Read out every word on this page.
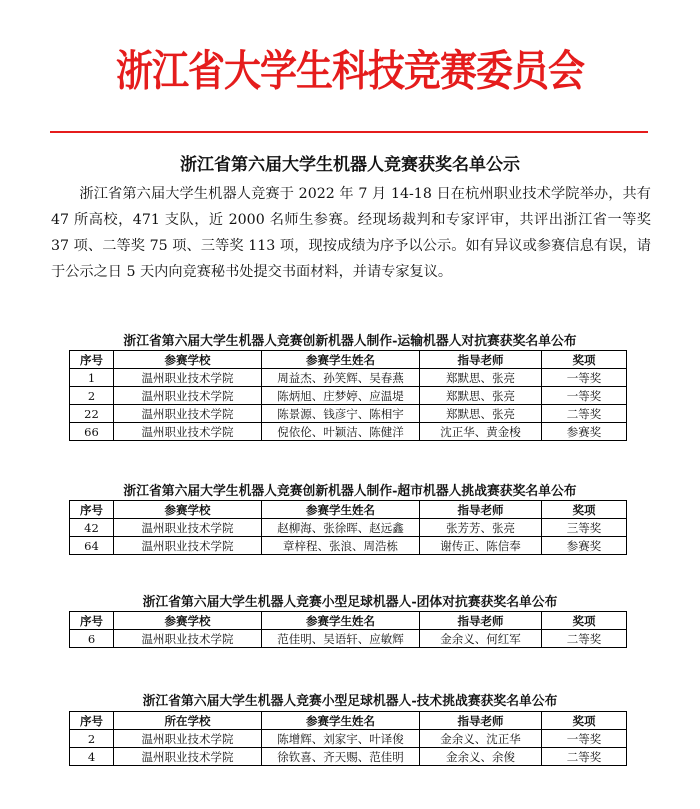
浙江省大学生科技竞赛委员会
浙江省第六届大学生机器人竞赛获奖名单公示

浙江省第六届大学生机器人竞赛于 2022 年 7 月 14-18 日在杭州职业技术学院举办，共有 47 所高校，471 支队，近 2000 名师生参赛。经现场裁判和专家评审，共评出浙江省一等奖 37 项、二等奖 75 项、三等奖 113 项，现按成绩为序予以公示。如有异议或参赛信息有误，请于公示之日 5 天内向竞赛秘书处提交书面材料，并请专家复议。

浙江省第六届大学生机器人竞赛创新机器人制作-运输机器人对抗赛获奖名单公布
序号	参赛学校	参赛学生姓名	指导老师	奖项
1	温州职业技术学院	周益杰、孙笑辉、吴春燕	郑默思、张亮	一等奖
2	温州职业技术学院	陈炳旭、庄梦婷、应温堤	郑默思、张亮	一等奖
22	温州职业技术学院	陈景源、钱彦宁、陈相宇	郑默思、张亮	二等奖
66	温州职业技术学院	倪依伦、叶颖洁、陈健洋	沈正华、黄金梭	参赛奖
浙江省第六届大学生机器人竞赛创新机器人制作-超市机器人挑战赛获奖名单公布
序号	参赛学校	参赛学生姓名	指导老师	奖项
42	温州职业技术学院	赵柳海、张徐晖、赵远鑫	张芳芳、张亮	三等奖
64	温州职业技术学院	章梓程、张浪、周浩栋	谢传正、陈信奉	参赛奖
浙江省第六届大学生机器人竞赛小型足球机器人-团体对抗赛获奖名单公布
序号	参赛学校	参赛学生姓名	指导老师	奖项
6	温州职业技术学院	范佳明、吴语轩、应敏辉	金余义、何红军	二等奖
浙江省第六届大学生机器人竞赛小型足球机器人-技术挑战赛获奖名单公布
序号	所在学校	参赛学生姓名	指导老师	奖项
2	温州职业技术学院	陈增辉、刘家宇、叶译俊	金余义、沈正华	一等奖
4	温州职业技术学院	徐钦喜、齐天赐、范佳明	金余义、余俊	二等奖
